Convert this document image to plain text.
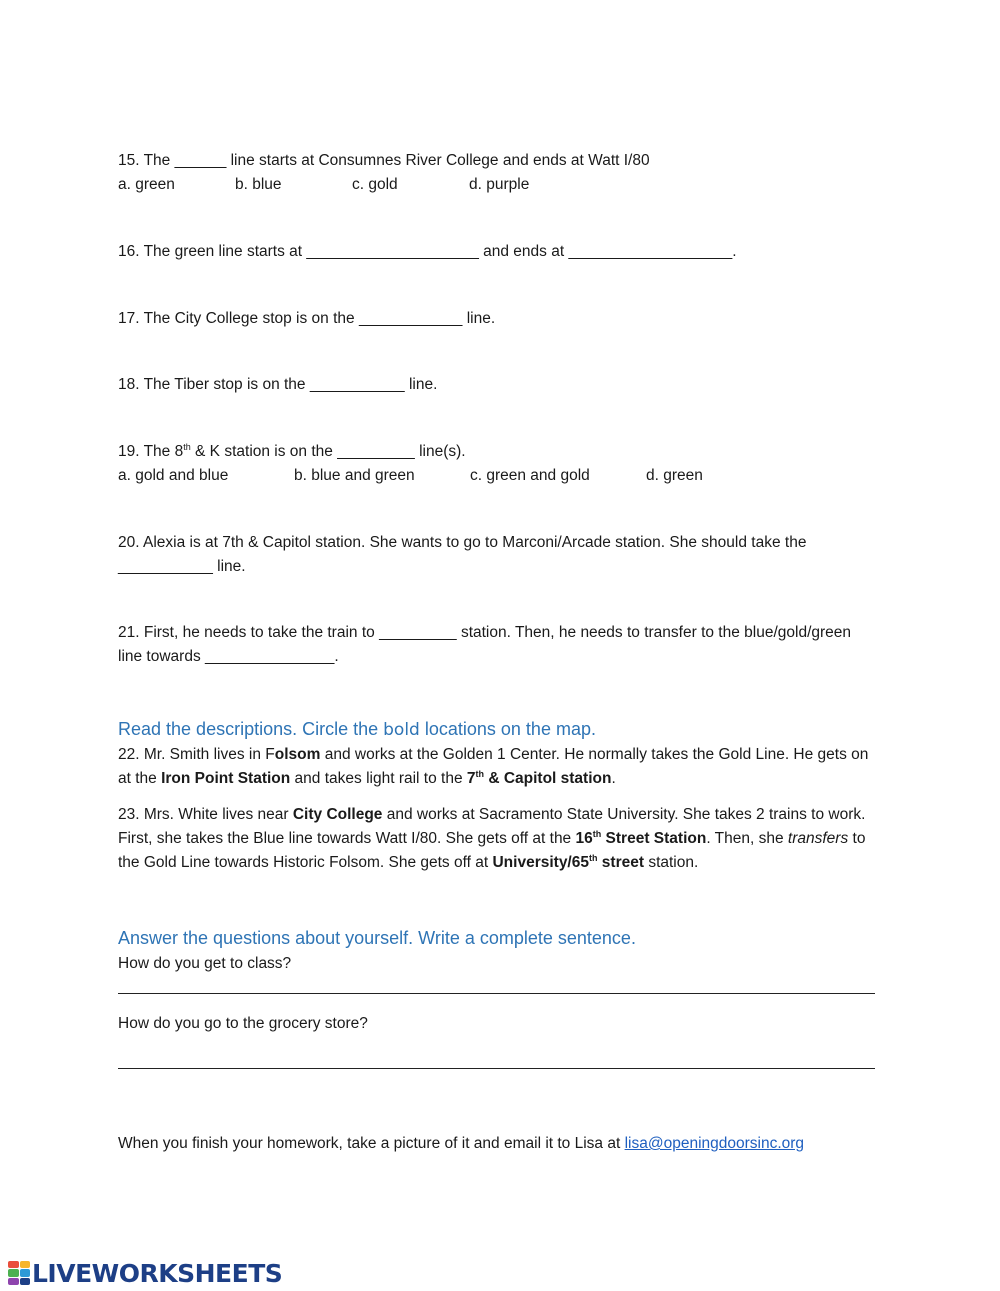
15. The ______ line starts at Consumnes River College and ends at Watt I/80
a. green	b. blue	c. gold	d. purple
16. The green line starts at ____________________ and ends at ___________________.
17. The City College stop is on the ____________ line.
18. The Tiber stop is on the ___________ line.
19. The 8th & K station is on the _________ line(s).
a. gold and blue	b. blue and green	c. green and gold	d. green
20. Alexia is at 7th & Capitol station. She wants to go to Marconi/Arcade station. She should take the ___________ line.
21. First, he needs to take the train to _________ station. Then, he needs to transfer to the blue/gold/green line towards _______________.
Read the descriptions. Circle the bold locations on the map.
22. Mr. Smith lives in Folsom and works at the Golden 1 Center. He normally takes the Gold Line. He gets on at the Iron Point Station and takes light rail to the 7th & Capitol station.
23. Mrs. White lives near City College and works at Sacramento State University. She takes 2 trains to work. First, she takes the Blue line towards Watt I/80. She gets off at the 16th Street Station. Then, she transfers to the Gold Line towards Historic Folsom. She gets off at University/65th street station.
Answer the questions about yourself. Write a complete sentence.
How do you get to class?
How do you go to the grocery store?
When you finish your homework, take a picture of it and email it to Lisa at lisa@openingdoorsinc.org
LIVEWORKSHEETS
